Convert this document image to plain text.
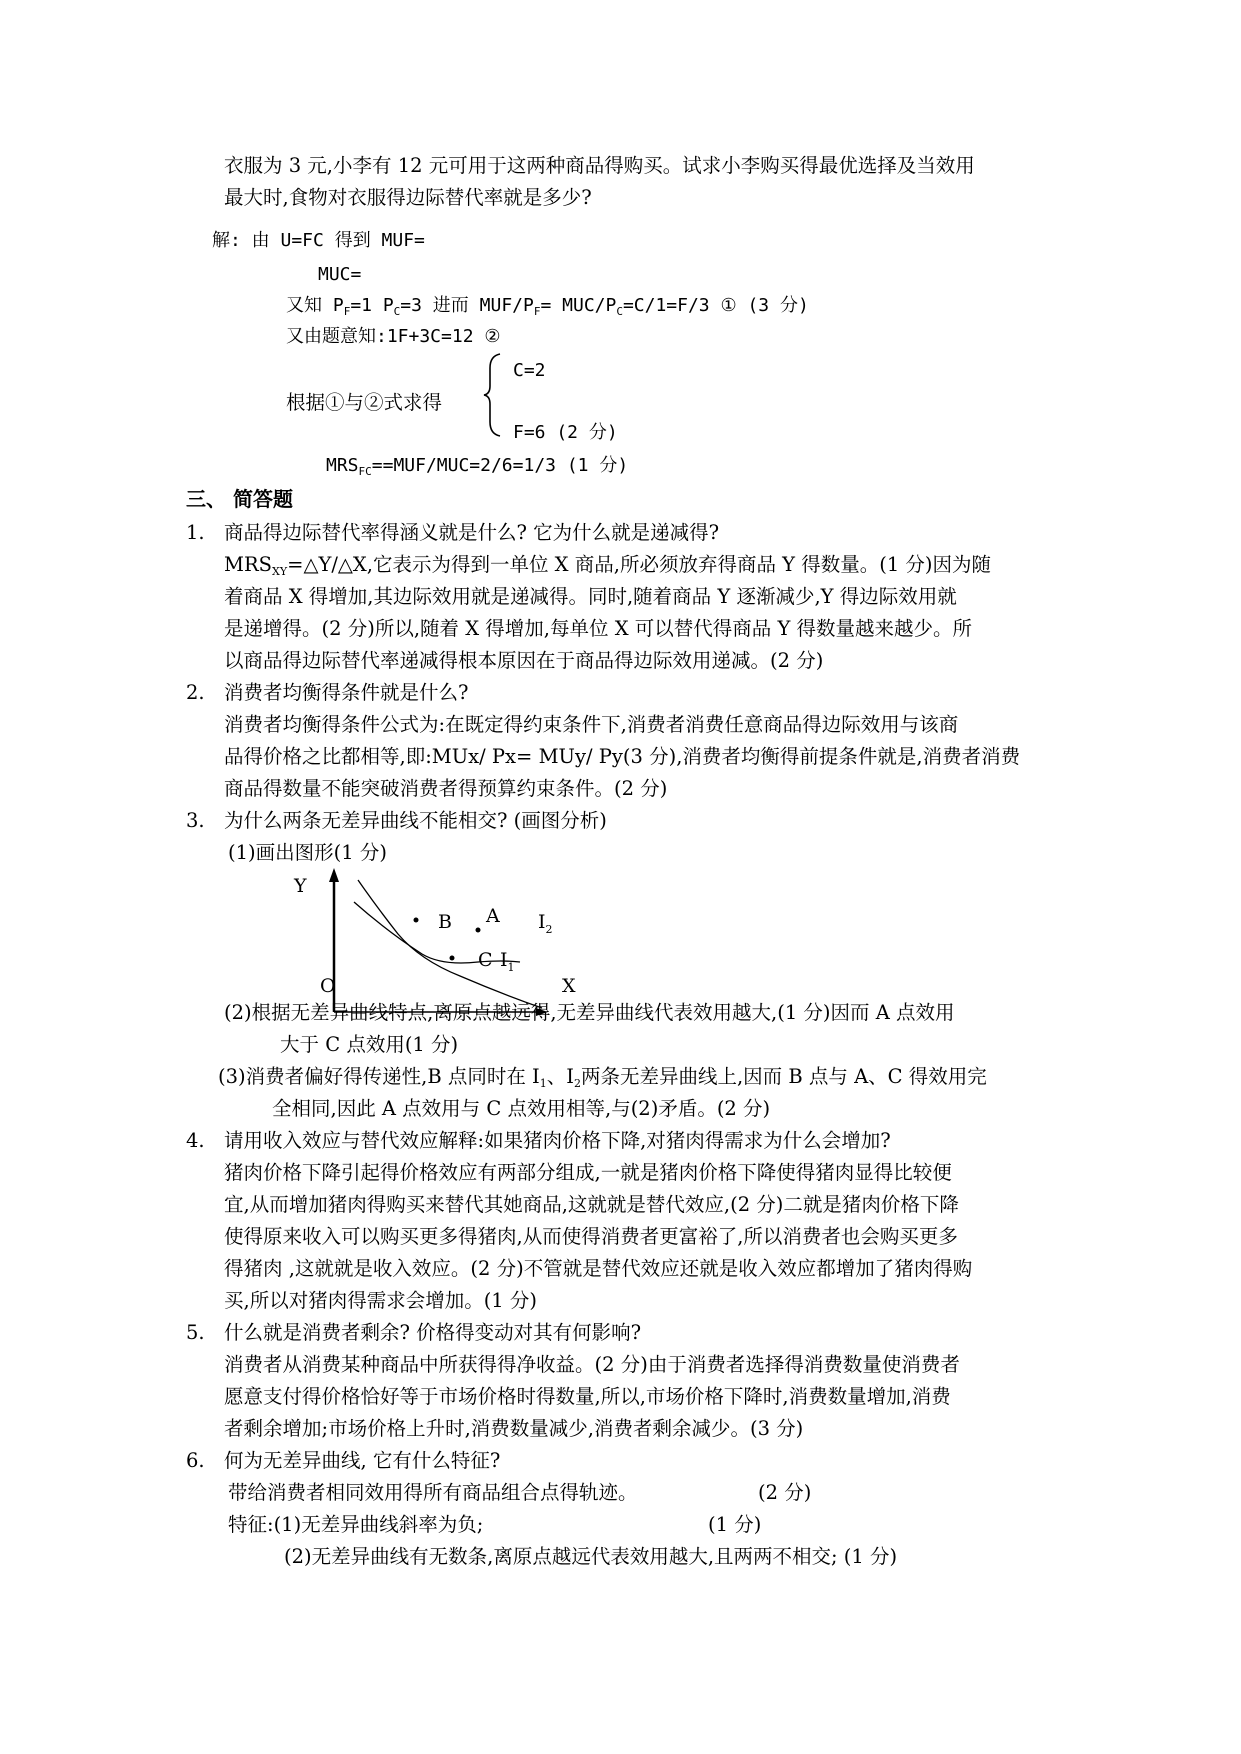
衣服为 3 元,小李有 12 元可用于这两种商品得购买。试求小李购买得最优选择及当效用
最大时,食物对衣服得边际替代率就是多少?
解: 由 U=FC 得到 MUF=
MUC=
又知 $P_F=1$ $P_C=3$ 进而 MUF/$P_F= MUC/P_C=C/1=F/3$ ① (3 分)
又由题意知:1F+3C=12 ②
根据①与②式求得
C=2
F=6 (2 分)
$MRS_{FC}==MUF/MUC=2/6=1/3$ (1 分)
三、 简答题
1. 商品得边际替代率得涵义就是什么? 它为什么就是递减得?
$MRS_{XY}=\triangle Y/\triangle X$,它表示为得到一单位 X 商品,所必须放弃得商品 Y 得数量。(1 分)因为随
着商品 X 得增加,其边际效用就是递减得。同时,随着商品 Y 逐渐减少,Y 得边际效用就
是递增得。(2 分)所以,随着 X 得增加,每单位 X 可以替代得商品 Y 得数量越来越少。所
以商品得边际替代率递减得根本原因在于商品得边际效用递减。(2 分)
2. 消费者均衡得条件就是什么?
消费者均衡得条件公式为:在既定得约束条件下,消费者消费任意商品得边际效用与该商
品得价格之比都相等,即:MUx/ Px= MUy/ Py(3 分),消费者均衡得前提条件就是,消费者消费
商品得数量不能突破消费者得预算约束条件。(2 分)
3. 为什么两条无差异曲线不能相交? (画图分析)
(1)画出图形(1 分)
Y
X
O
B A
C
$I_2$
$I_1$
(2)根据无差异曲线特点,离原点越远得,无差异曲线代表效用越大,(1 分)因而 A 点效用
大于 C 点效用(1 分)
(3)消费者偏好得传递性,B 点同时在 $I_1$、$I_2$两条无差异曲线上,因而 B 点与 A、C 得效用完
全相同,因此 A 点效用与 C 点效用相等,与(2)矛盾。(2 分)
4. 请用收入效应与替代效应解释:如果猪肉价格下降,对猪肉得需求为什么会增加?
猪肉价格下降引起得价格效应有两部分组成,一就是猪肉价格下降使得猪肉显得比较便
宜,从而增加猪肉得购买来替代其她商品,这就就是替代效应,(2 分)二就是猪肉价格下降
使得原来收入可以购买更多得猪肉,从而使得消费者更富裕了,所以消费者也会购买更多
得猪肉 ,这就就是收入效应。(2 分)不管就是替代效应还就是收入效应都增加了猪肉得购
买,所以对猪肉得需求会增加。(1 分)
5. 什么就是消费者剩余? 价格得变动对其有何影响?
消费者从消费某种商品中所获得得净收益。(2 分)由于消费者选择得消费数量使消费者
愿意支付得价格恰好等于市场价格时得数量,所以,市场价格下降时,消费数量增加,消费
者剩余增加;市场价格上升时,消费数量减少,消费者剩余减少。(3 分)
6. 何为无差异曲线, 它有什么特征?
带给消费者相同效用得所有商品组合点得轨迹。	(2 分)
特征:(1)无差异曲线斜率为负;	(1 分)
(2)无差异曲线有无数条,离原点越远代表效用越大,且两两不相交; (1 分)
